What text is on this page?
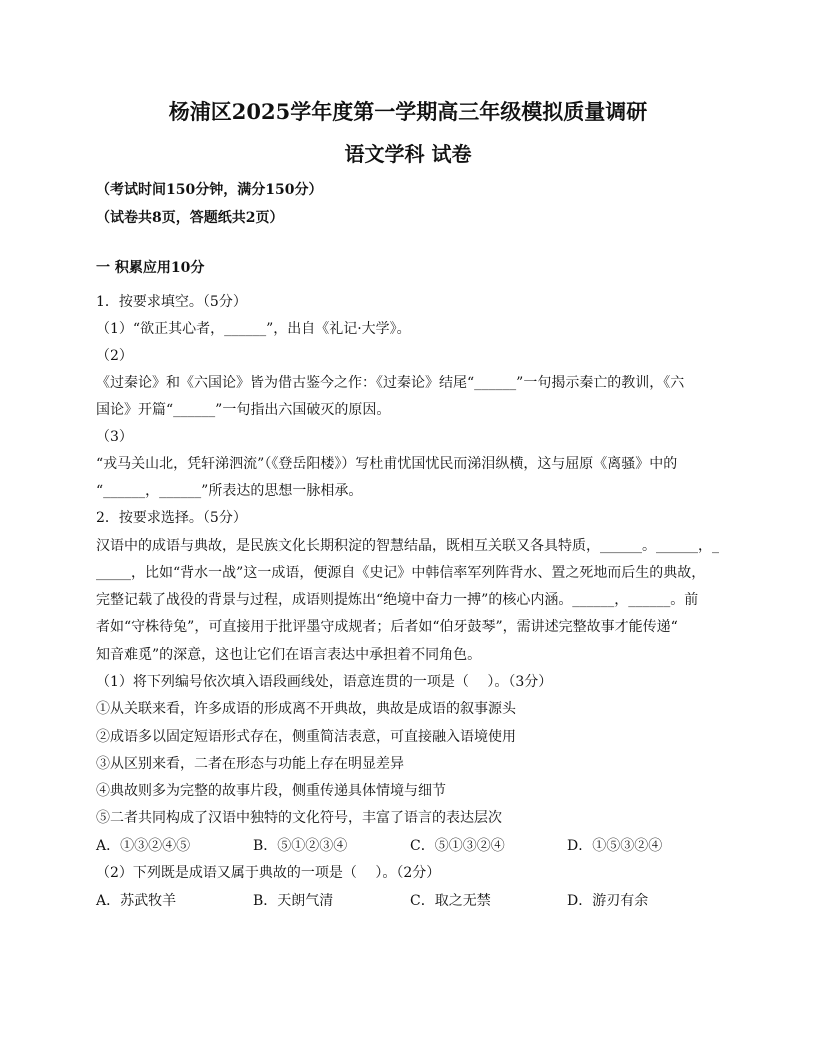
杨浦区2025学年度第一学期高三年级模拟质量调研
语文学科 试卷
（考试时间150分钟，满分150分）
（试卷共8页，答题纸共2页）
一 积累应用10分
1．按要求填空。（5分）
（1）“欲正其心者，______”，出自《礼记·大学》。
（2）
《过秦论》和《六国论》皆为借古鉴今之作：《过秦论》结尾“______”一句揭示秦亡的教训，《六
国论》开篇“______”一句指出六国破灭的原因。
（3）
“戎马关山北，凭轩涕泗流”（《登岳阳楼》）写杜甫忧国忧民而涕泪纵横，这与屈原《离骚》中的
“______，______”所表达的思想一脉相承。
2．按要求选择。（5分）
汉语中的成语与典故，是民族文化长期积淀的智慧结晶，既相互关联又各具特质，______。______，_
_____，比如“背水一战”这一成语，便源自《史记》中韩信率军列阵背水、置之死地而后生的典故，
完整记载了战役的背景与过程，成语则提炼出“绝境中奋力一搏”的核心内涵。______，______。前
者如“守株待兔”，可直接用于批评墨守成规者；后者如“伯牙鼓琴”，需讲述完整故事才能传递“
知音难觅”的深意，这也让它们在语言表达中承担着不同角色。
（1）将下列编号依次填入语段画线处，语意连贯的一项是（　 ）。（3分）
①从关联来看，许多成语的形成离不开典故，典故是成语的叙事源头
②成语多以固定短语形式存在，侧重简洁表意，可直接融入语境使用
③从区别来看，二者在形态与功能上存在明显差异
④典故则多为完整的故事片段，侧重传递具体情境与细节
⑤二者共同构成了汉语中独特的文化符号，丰富了语言的表达层次
A．①③②④⑤	B．⑤①②③④	C．⑤①③②④	D．①⑤③②④
（2）下列既是成语又属于典故的一项是（　 ）。（2分）
A．苏武牧羊	B．天朗气清	C．取之无禁	D．游刃有余
